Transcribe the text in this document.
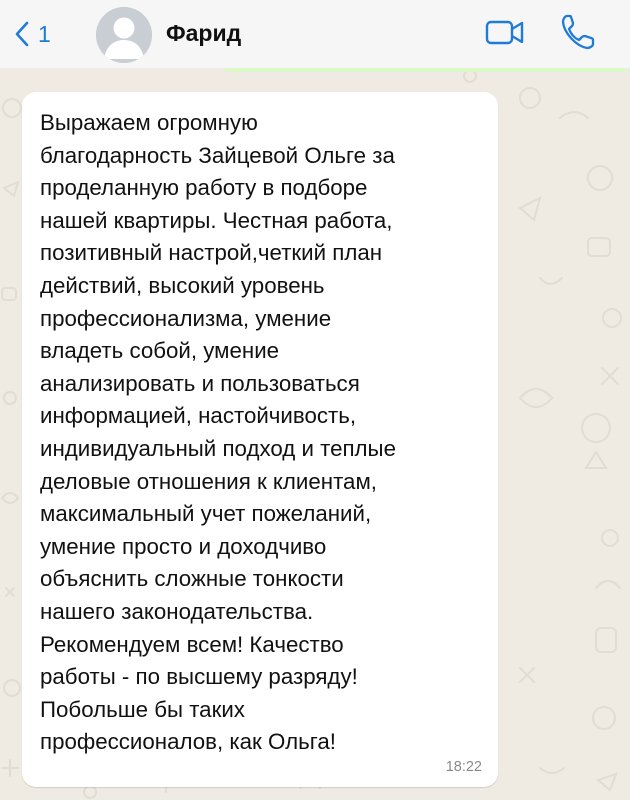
1	Фарид

Выражаем огромную
благодарность Зайцевой Ольге за
проделанную работу в подборе
нашей квартиры. Честная работа,
позитивный настрой,четкий план
действий, высокий уровень
профессионализма, умение
владеть собой, умение
анализировать и пользоваться
информацией, настойчивость,
индивидуальный подход и теплые
деловые отношения к клиентам,
максимальный учет пожеланий,
умение просто и доходчиво
объяснить сложные тонкости
нашего законодательства.
Рекомендуем всем! Качество
работы - по высшему разряду!
Побольше бы таких
профессионалов, как Ольга!

18:22
